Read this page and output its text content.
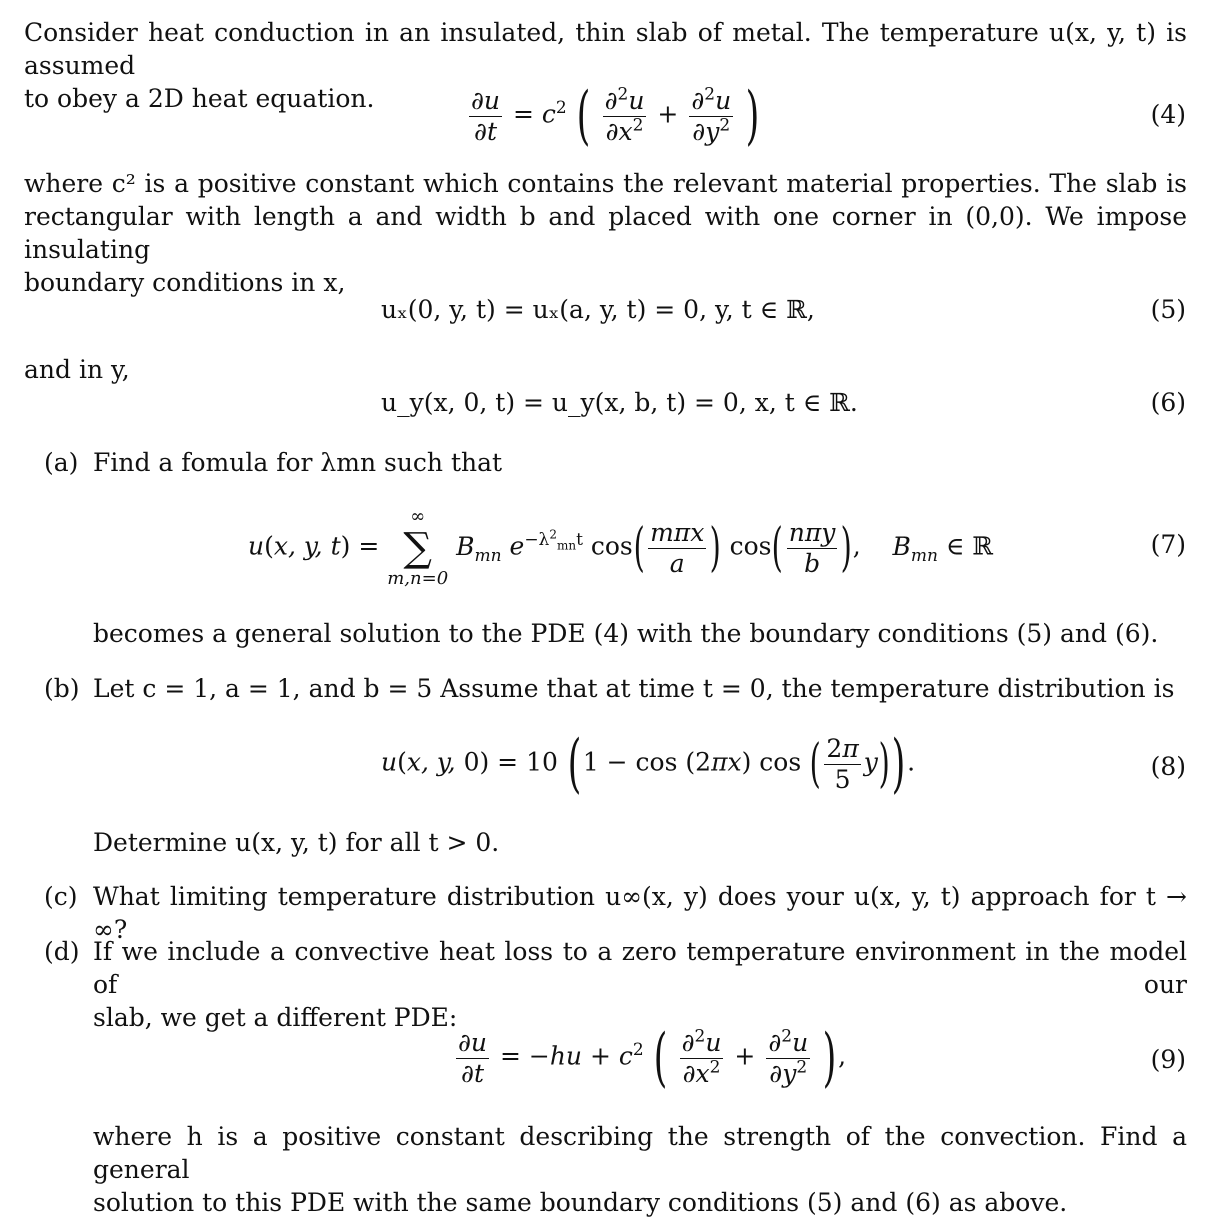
Consider heat conduction in an insulated, thin slab of metal. The temperature u(x, y, t) is assumed
to obey a 2D heat equation.	$\frac{\partial u}{\partial t} = c^2$ ( $\frac{\partial^2u}{\partial x^2} + \frac{\partial^2u}{\partial y^2}$ )	(4)
where c² is a positive constant which contains the relevant material properties. The slab is
rectangular with length a and width b and placed with one corner in (0,0). We impose insulating
boundary conditions in x,
uₓ(0, y, t) = uₓ(a, y, t) = 0, y, t ∈ ℝ,	(5)
and in y,
u_y(x, 0, t) = u_y(x, b, t) = 0, x, t ∈ ℝ.	(6)
(a) Find a fomula for λmn such that
u(x, y, t) =
∞
∑
m,n=0
$B_{mn}$ $e^{-\lambda^2_{mn}t}$ $\cos( \frac{\text{mπx}}{a}$ ) $\cos( \frac{\text{nπy}}{b}$ ),    $B_{mn}$ ∈ ℝ	(7)
becomes a general solution to the PDE (4) with the boundary conditions (5) and (6).
(b) Let c = 1, a = 1, and b = 5 Assume that at time t = 0, the temperature distribution is
u(x, y, 0) = 10 (1 − cos (2πx) cos ( $\frac{2\pi}{5} y$)).	(8)
Determine u(x, y, t) for all t > 0.
(c) What limiting temperature distribution u∞(x, y) does your u(x, y, t) approach for t → ∞?
(d) If we include a convective heat loss to a zero temperature environment in the model of our
slab, we get a different PDE:
$\frac{\partial u}{\partial t} = -hu + c^2$ ( $\frac{\partial^2u}{\partial x^2} + \frac{\partial^2u}{\partial y^2}$ ),	(9)
where h is a positive constant describing the strength of the convection. Find a general
solution to this PDE with the same boundary conditions (5) and (6) as above.
